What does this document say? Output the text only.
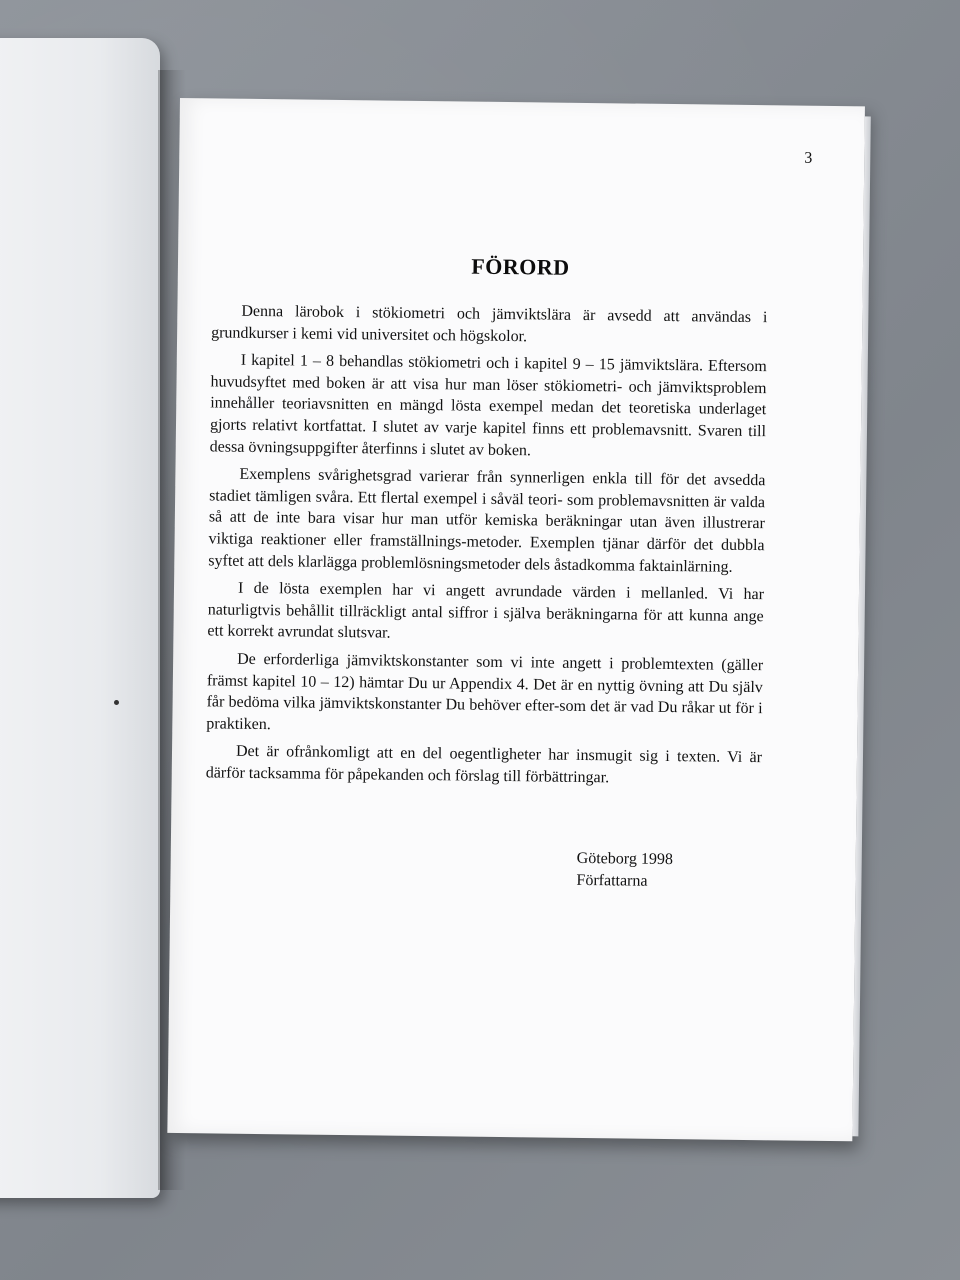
3
FÖRORD

Denna lärobok i stökiometri och jämviktslära är avsedd att användas i grundkurser i kemi vid universitet och högskolor.

I kapitel 1 – 8 behandlas stökiometri och i kapitel 9 – 15 jämviktslära. Eftersom huvudsyftet med boken är att visa hur man löser stökiometri- och jämviktsproblem innehåller teoriavsnitten en mängd lösta exempel medan det teoretiska underlaget gjorts relativt kortfattat. I slutet av varje kapitel finns ett problemavsnitt. Svaren till dessa övningsuppgifter återfinns i slutet av boken.

Exemplens svårighetsgrad varierar från synnerligen enkla till för det avsedda stadiet tämligen svåra. Ett flertal exempel i såväl teori- som problemavsnitten är valda så att de inte bara visar hur man utför kemiska beräkningar utan även illustrerar viktiga reaktioner eller framställnings-metoder. Exemplen tjänar därför det dubbla syftet att dels klarlägga problemlösningsmetoder dels åstadkomma faktainlärning.

I de lösta exemplen har vi angett avrundade värden i mellanled. Vi har naturligtvis behållit tillräckligt antal siffror i själva beräkningarna för att kunna ange ett korrekt avrundat slutsvar.

De erforderliga jämviktskonstanter som vi inte angett i problemtexten (gäller främst kapitel 10 – 12) hämtar Du ur Appendix 4. Det är en nyttig övning att Du själv får bedöma vilka jämviktskonstanter Du behöver efter-som det är vad Du råkar ut för i praktiken.

Det är ofrånkomligt att en del oegentligheter har insmugit sig i texten. Vi är därför tacksamma för påpekanden och förslag till förbättringar.

Göteborg 1998
Författarna
